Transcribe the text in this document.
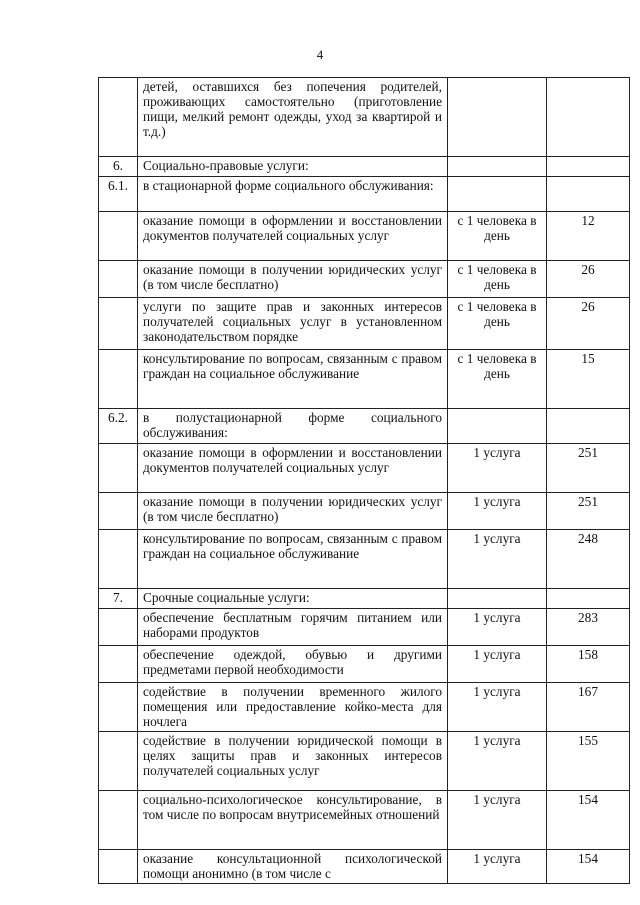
4
	детей, оставшихся без попечения родителей, проживающих самостоятельно (приготовление пищи, мелкий ремонт одежды, уход за квартирой и т.д.)		
6.	Социально-правовые услуги:		
6.1.	в стационарной форме социального обслуживания:		
	оказание помощи в оформлении и восстановлении документов получателей социальных услуг	с 1 человека в день	12
	оказание помощи в получении юридических услуг (в том числе бесплатно)	с 1 человека в день	26
	услуги по защите прав и законных интересов получателей социальных услуг в установленном законодательством порядке	с 1 человека в день	26
	консультирование по вопросам, связанным с правом граждан на социальное обслуживание	с 1 человека в день	15
6.2.	в полустационарной форме социального обслуживания:		
	оказание помощи в оформлении и восстановлении документов получателей социальных услуг	1 услуга	251
	оказание помощи в получении юридических услуг (в том числе бесплатно)	1 услуга	251
	консультирование по вопросам, связанным с правом граждан на социальное обслуживание	1 услуга	248
7.	Срочные социальные услуги:		
	обеспечение бесплатным горячим питанием или наборами продуктов	1 услуга	283
	обеспечение одеждой, обувью и другими предметами первой необходимости	1 услуга	158
	содействие в получении временного жилого помещения или предоставление койко-места для ночлега	1 услуга	167
	содействие в получении юридической помощи в целях защиты прав и законных интересов получателей социальных услуг	1 услуга	155
	социально-психологическое консультирование, в том числе по вопросам внутрисемейных отношений	1 услуга	154
	оказание консультационной психологической помощи анонимно (в том числе с	1 услуга	154
